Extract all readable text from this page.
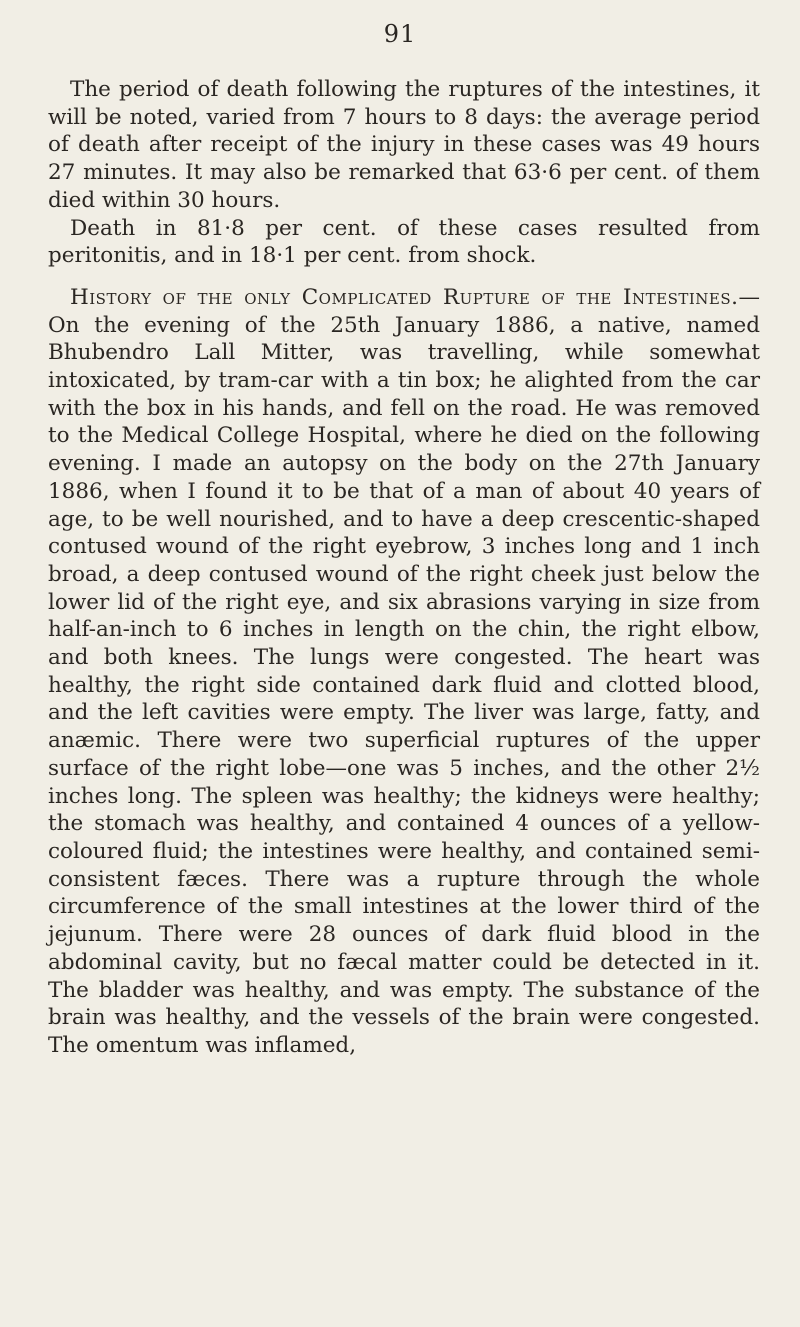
91

The period of death following the ruptures of the intestines, it will be noted, varied from 7 hours to 8 days: the average period of death after receipt of the injury in these cases was 49 hours 27 minutes. It may also be remarked that 63·6 per cent. of them died within 30 hours.

Death in 81·8 per cent. of these cases resulted from peritonitis, and in 18·1 per cent. from shock.

History of the only Complicated Rupture of the Intestines.—On the evening of the 25th January 1886, a native, named Bhubendro Lall Mitter, was travelling, while somewhat intoxicated, by tram-car with a tin box; he alighted from the car with the box in his hands, and fell on the road. He was removed to the Medical College Hospital, where he died on the following evening. I made an autopsy on the body on the 27th January 1886, when I found it to be that of a man of about 40 years of age, to be well nourished, and to have a deep crescentic-shaped contused wound of the right eyebrow, 3 inches long and 1 inch broad, a deep contused wound of the right cheek just below the lower lid of the right eye, and six abrasions varying in size from half-an-inch to 6 inches in length on the chin, the right elbow, and both knees. The lungs were congested. The heart was healthy, the right side contained dark fluid and clotted blood, and the left cavities were empty. The liver was large, fatty, and anæmic. There were two superficial ruptures of the upper surface of the right lobe—one was 5 inches, and the other 2½ inches long. The spleen was healthy; the kidneys were healthy; the stomach was healthy, and contained 4 ounces of a yellow-coloured fluid; the intestines were healthy, and contained semi-consistent fæces. There was a rupture through the whole circumference of the small intestines at the lower third of the jejunum. There were 28 ounces of dark fluid blood in the abdominal cavity, but no fæcal matter could be detected in it. The bladder was healthy, and was empty. The substance of the brain was healthy, and the vessels of the brain were congested. The omentum was inflamed,
